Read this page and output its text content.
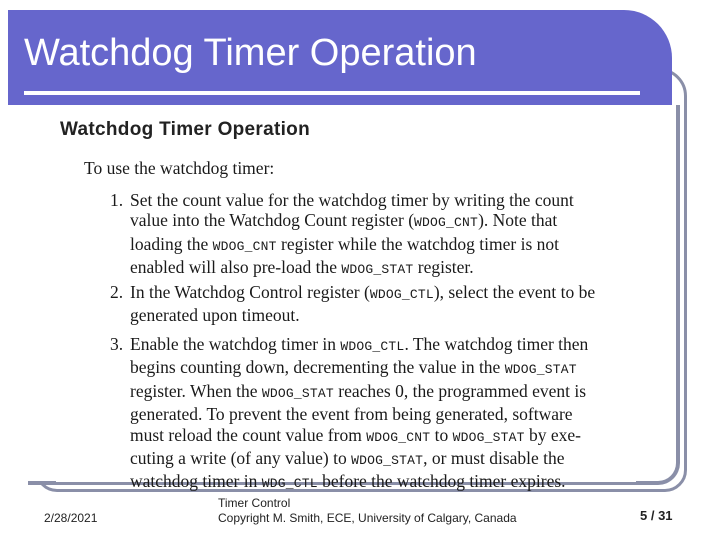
Watchdog Timer Operation
Watchdog Timer Operation
To use the watchdog timer:
1. Set the count value for the watchdog timer by writing the count
value into the Watchdog Count register (WDOG_CNT). Note that
loading the WDOG_CNT register while the watchdog timer is not
enabled will also pre-load the WDOG_STAT register.
2. In the Watchdog Control register (WDOG_CTL), select the event to be
generated upon timeout.
3. Enable the watchdog timer in WDOG_CTL. The watchdog timer then
begins counting down, decrementing the value in the WDOG_STAT
register. When the WDOG_STAT reaches 0, the programmed event is
generated. To prevent the event from being generated, software
must reload the count value from WDOG_CNT to WDOG_STAT by exe-
cuting a write (of any value) to WDOG_STAT, or must disable the
watchdog timer in WDG_CTL before the watchdog timer expires.
2/28/2021
Timer Control
Copyright M. Smith, ECE, University of Calgary, Canada	5 / 31
